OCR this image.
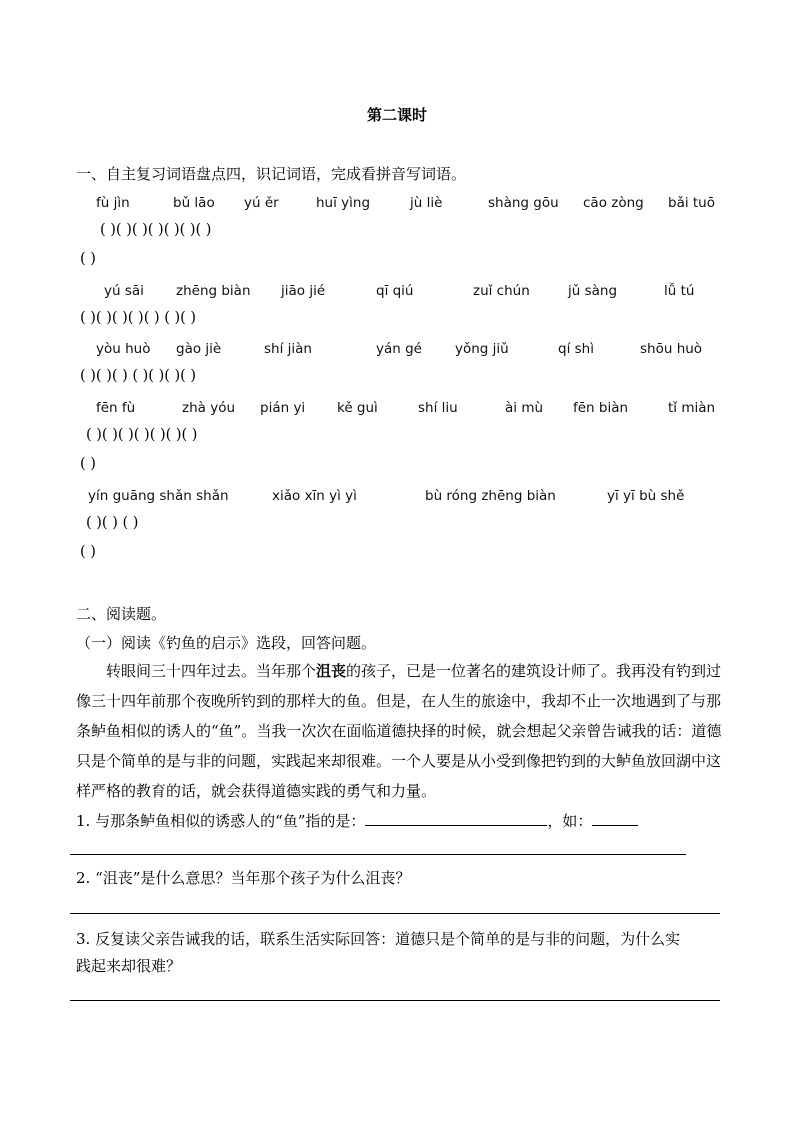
第二课时
一、自主复习词语盘点四，识记词语，完成看拼音写词语。
fù jìn	bǔ lāo yú ěr	huī yìng	jù liè	shàng gōu cāo zòng bǎi tuō
( )( )( )( )( )( )( )
( )
yú sāi zhēng biàn jiāo jié	qī qiú	zuǐ chún	jǔ sàng	lǚ tú
( )( )( )( )( ) ( )( )
yòu huò gào jiè	shí jiàn	yán gé yǒng jiǔ	qí shì	shōu huò
( )( )( ) ( )( )( )( )
fēn fù	zhà yóu pián yi kě guì	shí liu	ài mù fēn biàn	tǐ miàn
( )( )( )( )( )( )( )
( )
yín guāng shǎn shǎn	xiǎo xīn yì yì	bù róng zhēng biàn	yī yī bù shě
( )( ) ( )
( )
二、阅读题。
（一）阅读《钓鱼的启示》选段，回答问题。
转眼间三十四年过去。当年那个沮丧的孩子，已是一位著名的建筑设计师了。我再没有钓到过像三十四年前那个夜晚所钓到的那样大的鱼。但是，在人生的旅途中，我却不止一次地遇到了与那条鲈鱼相似的诱人的“鱼”。当我一次次在面临道德抉择的时候，就会想起父亲曾告诫我的话：道德只是个简单的是与非的问题，实践起来却很难。一个人要是从小受到像把钓到的大鲈鱼放回湖中这样严格的教育的话，就会获得道德实践的勇气和力量。
1. 与那条鲈鱼相似的诱惑人的“鱼”指的是：	，如：
2. “沮丧”是什么意思？当年那个孩子为什么沮丧？
3. 反复读父亲告诫我的话，联系生活实际回答：道德只是个简单的是与非的问题，为什么实
践起来却很难？
